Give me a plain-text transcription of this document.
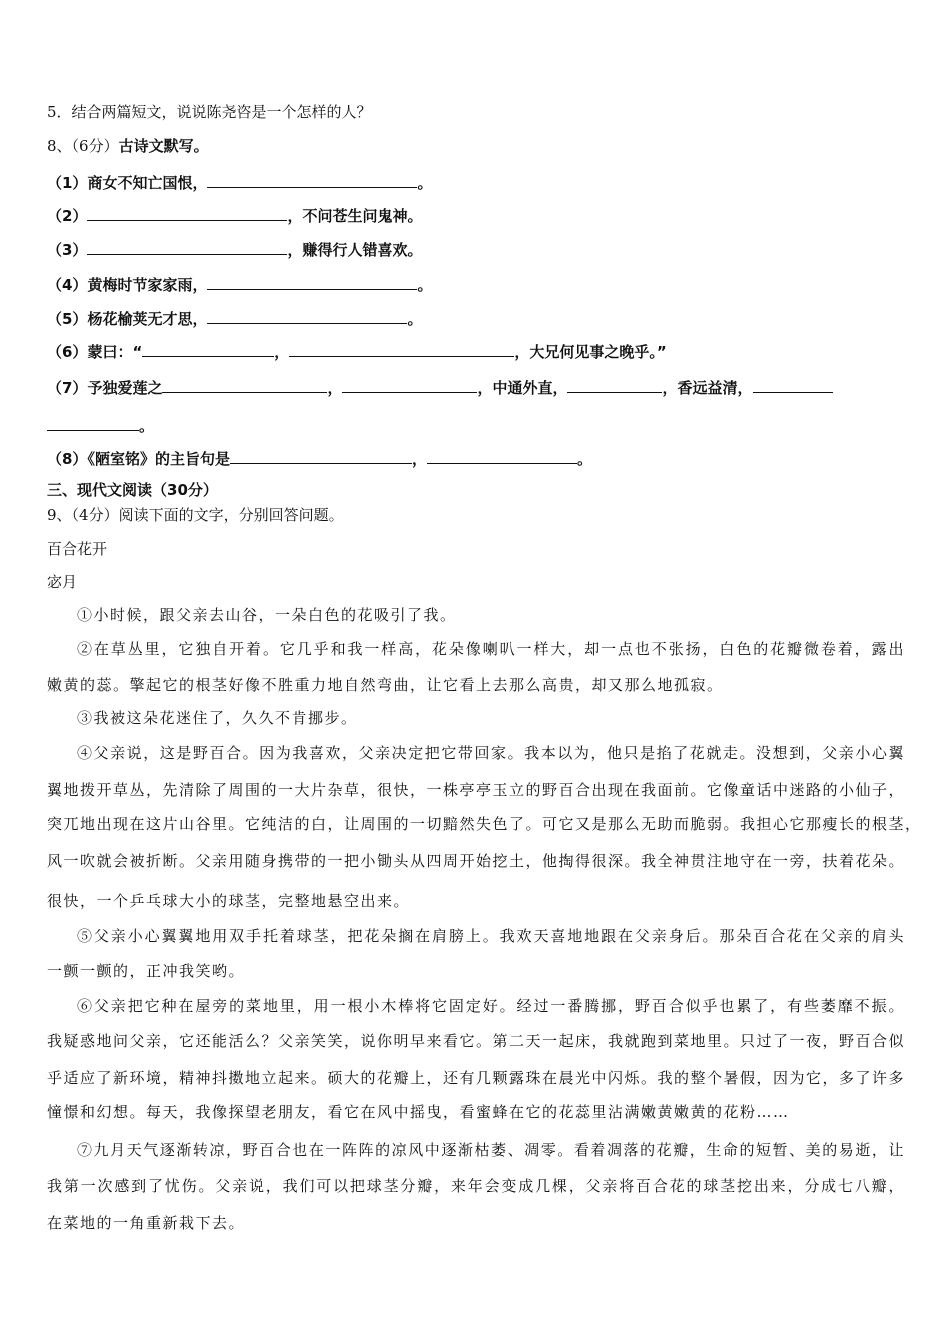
5．结合两篇短文，说说陈尧咨是一个怎样的人？
8、（6分）古诗文默写。
（1）商女不知亡国恨，	。
（2）	，不问苍生问鬼神。
（3）	，赚得行人错喜欢。
（4）黄梅时节家家雨，	。
（5）杨花榆荚无才思，	。
（6）蒙曰：“	，	，大兄何见事之晚乎。”
（7）予独爱莲之	，	，中通外直，	，香远益清，
。
（8）《陋室铭》的主旨句是	，	。
三、现代文阅读（30分）
9、（4分）阅读下面的文字，分别回答问题。
百合花开
宓月
①小时候，跟父亲去山谷，一朵白色的花吸引了我。
②在草丛里，它独自开着。它几乎和我一样高，花朵像喇叭一样大，却一点也不张扬，白色的花瓣微卷着，露出
嫩黄的蕊。擎起它的根茎好像不胜重力地自然弯曲，让它看上去那么高贵，却又那么地孤寂。
③我被这朵花迷住了，久久不肯挪步。
④父亲说，这是野百合。因为我喜欢，父亲决定把它带回家。我本以为，他只是掐了花就走。没想到，父亲小心翼
翼地拨开草丛，先清除了周围的一大片杂草，很快，一株亭亭玉立的野百合出现在我面前。它像童话中迷路的小仙子，
突兀地出现在这片山谷里。它纯洁的白，让周围的一切黯然失色了。可它又是那么无助而脆弱。我担心它那瘦长的根茎，
风一吹就会被折断。父亲用随身携带的一把小锄头从四周开始挖土，他掏得很深。我全神贯注地守在一旁，扶着花朵。
很快，一个乒乓球大小的球茎，完整地悬空出来。
⑤父亲小心翼翼地用双手托着球茎，把花朵搁在肩膀上。我欢天喜地地跟在父亲身后。那朵百合花在父亲的肩头
一颤一颤的，正冲我笑哟。
⑥父亲把它种在屋旁的菜地里，用一根小木棒将它固定好。经过一番腾挪，野百合似乎也累了，有些萎靡不振。
我疑惑地问父亲，它还能活么？父亲笑笑，说你明早来看它。第二天一起床，我就跑到菜地里。只过了一夜，野百合似
乎适应了新环境，精神抖擞地立起来。硕大的花瓣上，还有几颗露珠在晨光中闪烁。我的整个暑假，因为它，多了许多
憧憬和幻想。每天，我像探望老朋友，看它在风中摇曳，看蜜蜂在它的花蕊里沾满嫩黄嫩黄的花粉……
⑦九月天气逐渐转凉，野百合也在一阵阵的凉风中逐渐枯萎、凋零。看着凋落的花瓣，生命的短暂、美的易逝，让
我第一次感到了忧伤。父亲说，我们可以把球茎分瓣，来年会变成几棵，父亲将百合花的球茎挖出来，分成七八瓣，
在菜地的一角重新栽下去。
